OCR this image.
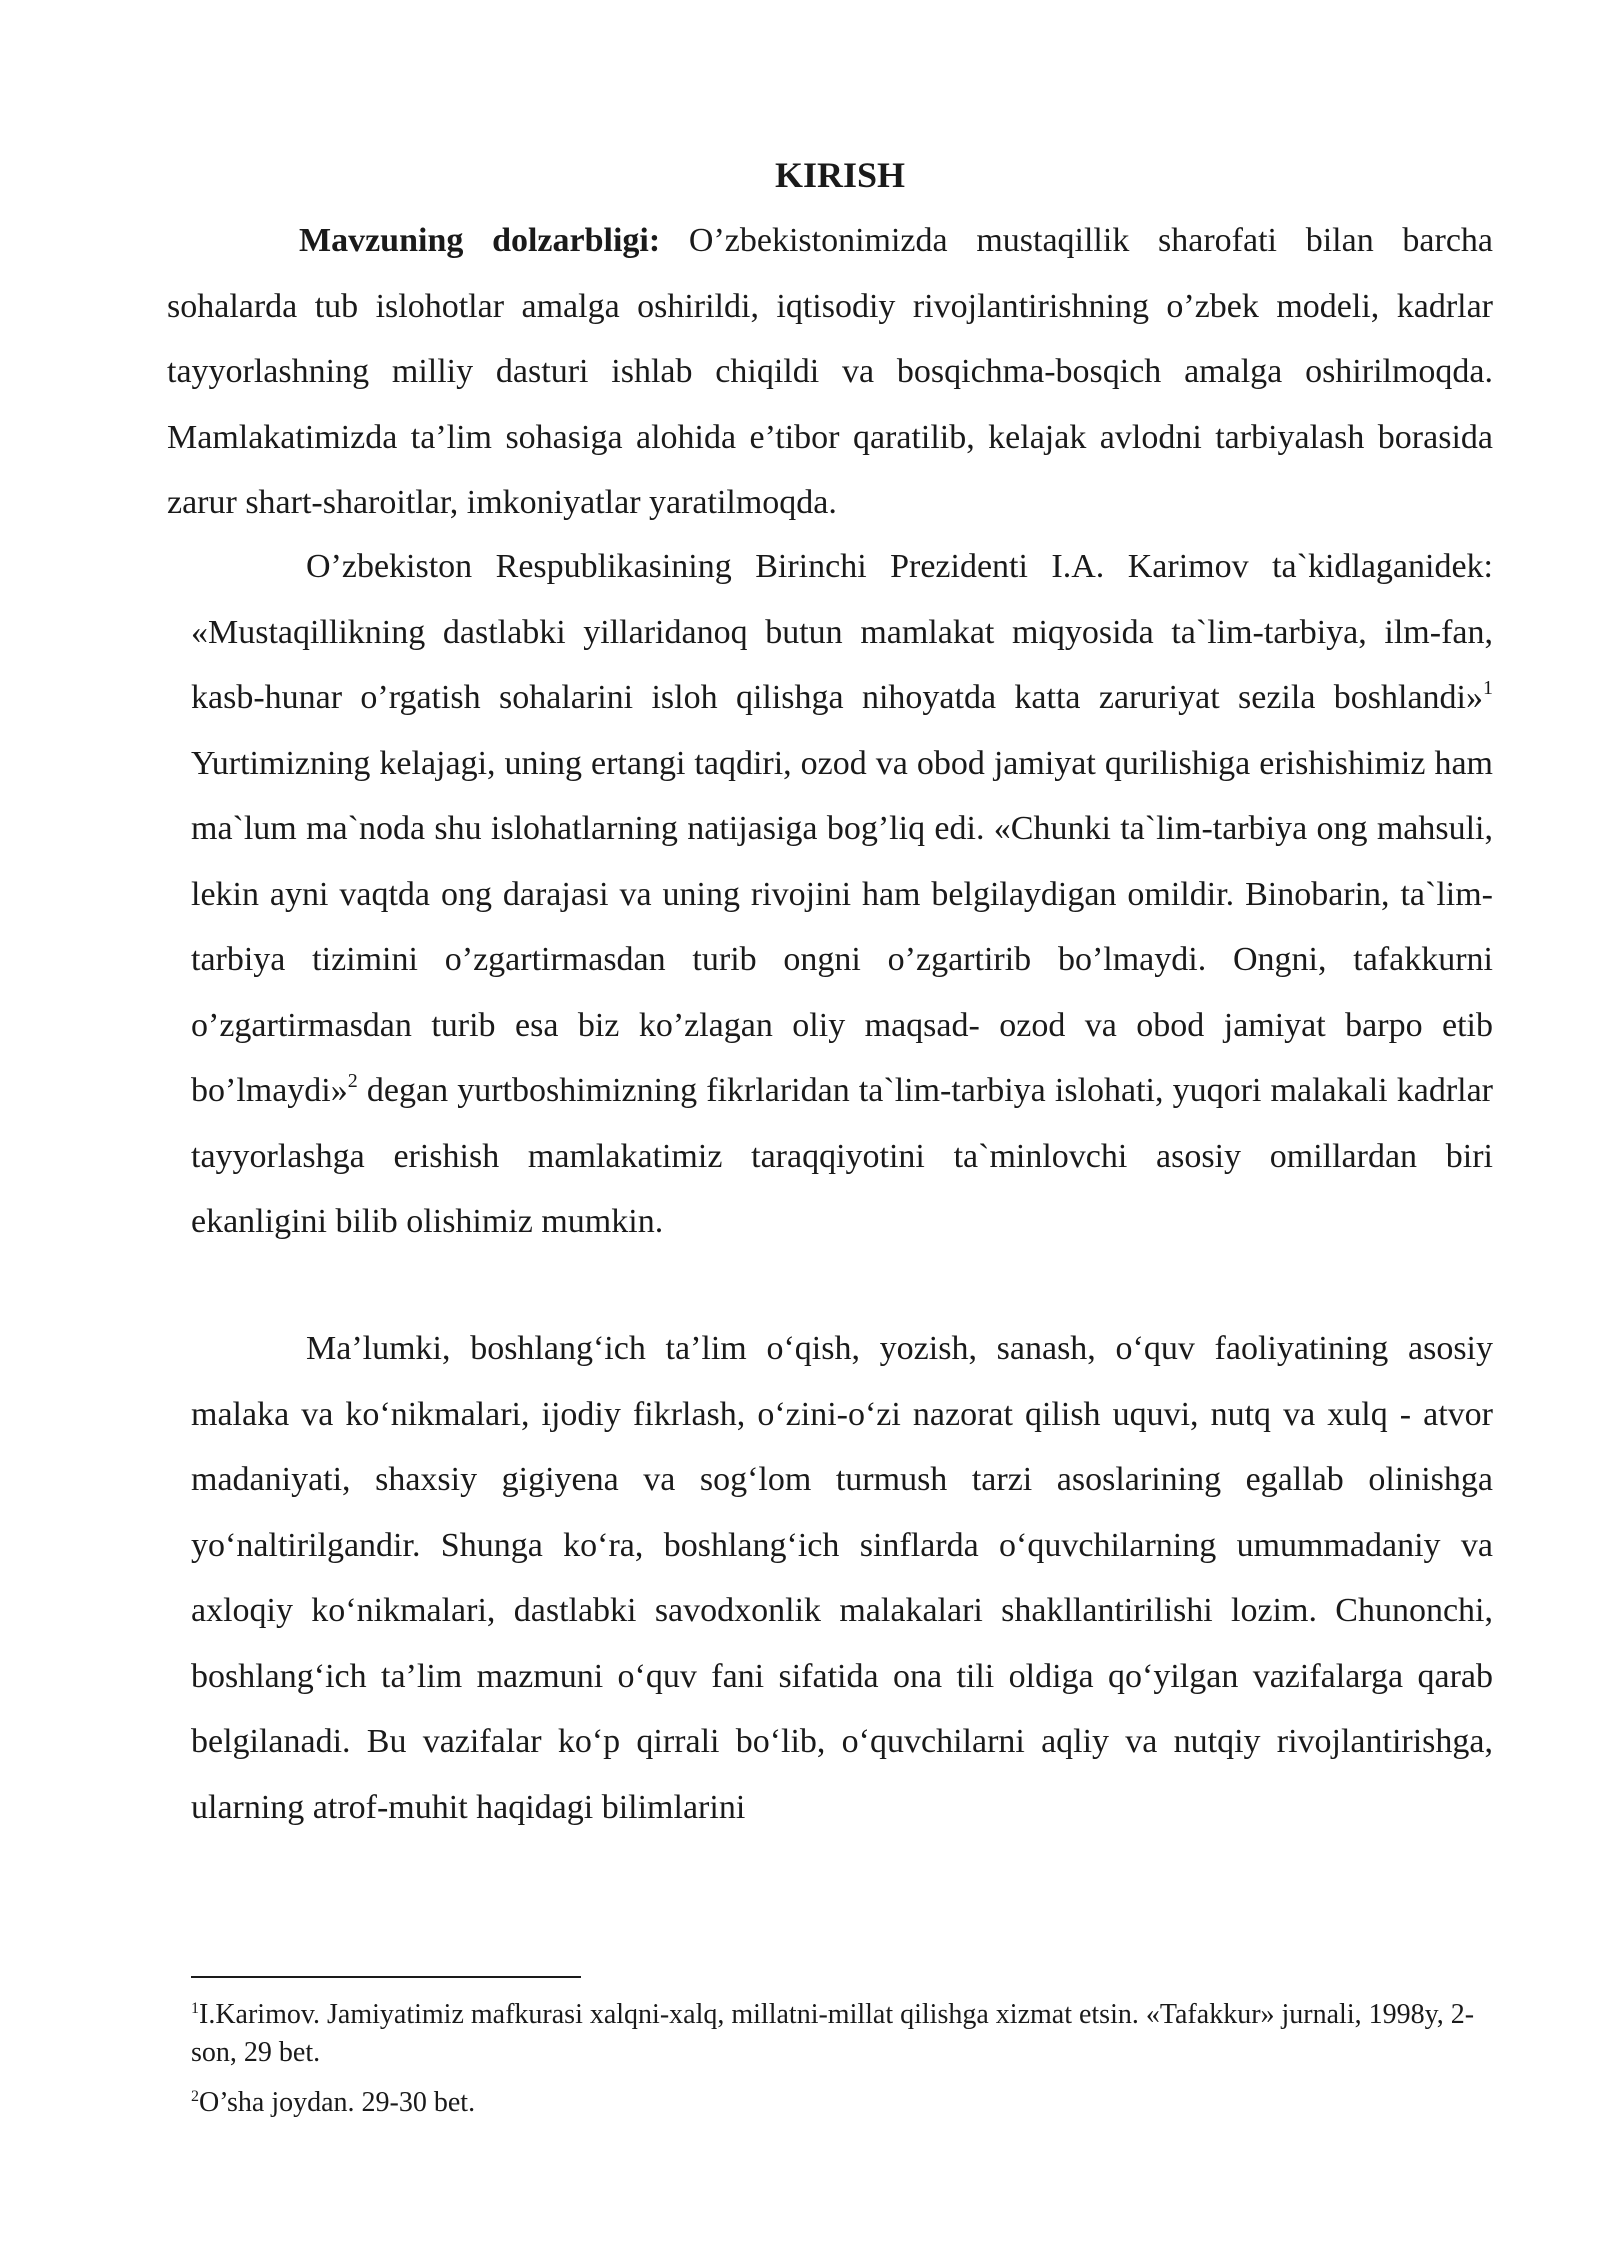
KIRISH

Mavzuning dolzarbligi: O’zbekistonimizda mustaqillik sharofati bilan barcha sohalarda tub islohotlar amalga oshirildi, iqtisodiy rivojlantirishning o’zbek modeli, kadrlar tayyorlashning milliy dasturi ishlab chiqildi va bosqichma-bosqich amalga oshirilmoqda. Mamlakatimizda ta’lim sohasiga alohida e’tibor qaratilib, kelajak avlodni tarbiyalash borasida zarur shart-sharoitlar, imkoniyatlar yaratilmoqda.

O’zbekiston Respublikasining Birinchi Prezidenti I.A. Karimov ta`kidlaganidek: «Mustaqillikning dastlabki yillaridanoq butun mamlakat miqyosida ta`lim-tarbiya, ilm-fan, kasb-hunar o’rgatish sohalarini isloh qilishga nihoyatda katta zaruriyat sezila boshlandi»$^1$ Yurtimizning kelajagi, uning ertangi taqdiri, ozod va obod jamiyat qurilishiga erishishimiz ham ma`lum ma`noda shu islohatlarning natijasiga bog’liq edi. «Chunki ta`lim-tarbiya ong mahsuli, lekin ayni vaqtda ong darajasi va uning rivojini ham belgilaydigan omildir. Binobarin, ta`lim-tarbiya tizimini o’zgartirmasdan turib ongni o’zgartirib bo’lmaydi. Ongni, tafakkurni o’zgartirmasdan turib esa biz ko’zlagan oliy maqsad- ozod va obod jamiyat barpo etib bo’lmaydi»$^2$ degan yurtboshimizning fikrlaridan ta`lim-tarbiya islohati, yuqori malakali kadrlar tayyorlashga erishish mamlakatimiz taraqqiyotini ta`minlovchi asosiy omillardan biri ekanligini bilib olishimiz mumkin.

Ma’lumki, boshlang‘ich ta’lim o‘qish, yozish, sanash, o‘quv faoliyatining asosiy malaka va ko‘nikmalari, ijodiy fikrlash, o‘zini-o‘zi nazorat qilish uquvi, nutq va xulq - atvor madaniyati, shaxsiy gigiyena va sog‘lom turmush tarzi asoslarining egallab olinishga yo‘naltirilgandir. Shunga ko‘ra, boshlang‘ich sinflarda o‘quvchilarning umummadaniy va axloqiy ko‘nikmalari, dastlabki savodxonlik malakalari shakllantirilishi lozim. Chunonchi, boshlang‘ich ta’lim mazmuni o‘quv fani sifatida ona tili oldiga qo‘yilgan vazifalarga qarab belgilanadi. Bu vazifalar ko‘p qirrali bo‘lib, o‘quvchilarni aqliy va nutqiy rivojlantirishga, ularning atrof-muhit haqidagi bilimlarini

$^1$I.Karimov. Jamiyatimiz mafkurasi xalqni-xalq, millatni-millat qilishga xizmat etsin. «Tafakkur» jurnali, 1998y, 2-son, 29 bet.

$^2$O’sha joydan. 29-30 bet.
